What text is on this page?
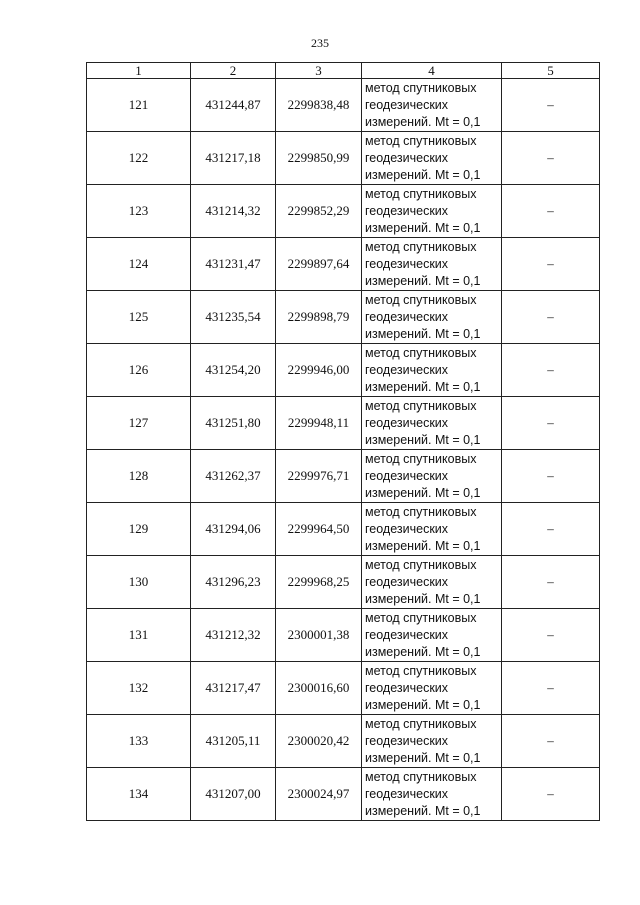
235
1	2	3	4	5
121	431244,87	2299838,48	метод спутниковых
геодезических
измерений. Mt = 0,1	–
122	431217,18	2299850,99	метод спутниковых
геодезических
измерений. Mt = 0,1	–
123	431214,32	2299852,29	метод спутниковых
геодезических
измерений. Mt = 0,1	–
124	431231,47	2299897,64	метод спутниковых
геодезических
измерений. Mt = 0,1	–
125	431235,54	2299898,79	метод спутниковых
геодезических
измерений. Mt = 0,1	–
126	431254,20	2299946,00	метод спутниковых
геодезических
измерений. Mt = 0,1	–
127	431251,80	2299948,11	метод спутниковых
геодезических
измерений. Mt = 0,1	–
128	431262,37	2299976,71	метод спутниковых
геодезических
измерений. Mt = 0,1	–
129	431294,06	2299964,50	метод спутниковых
геодезических
измерений. Mt = 0,1	–
130	431296,23	2299968,25	метод спутниковых
геодезических
измерений. Mt = 0,1	–
131	431212,32	2300001,38	метод спутниковых
геодезических
измерений. Mt = 0,1	–
132	431217,47	2300016,60	метод спутниковых
геодезических
измерений. Mt = 0,1	–
133	431205,11	2300020,42	метод спутниковых
геодезических
измерений. Mt = 0,1	–
134	431207,00	2300024,97	метод спутниковых
геодезических
измерений. Mt = 0,1	–
